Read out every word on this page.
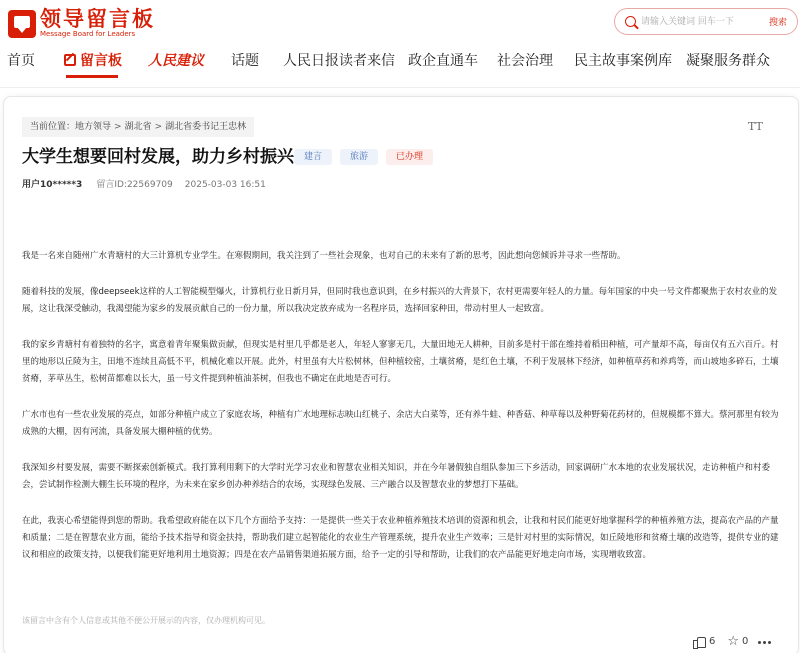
领导留言板
Message Board for Leaders
请输入关键词 回车一下
搜索
首页	留言板 人民建议 话题 人民日报读者来信 政企直通车 社会治理 民主故事案例库 凝聚服务群众
当前位置：地方领导 > 湖北省 > 湖北省委书记王忠林	TT
大学生想要回村发展，助力乡村振兴	建言	旅游	已办理
用户10*****3 留言ID:22569709 2025-03-03 16:51

我是一名来自随州广水青塘村的大三计算机专业学生。在寒假期间，我关注到了一些社会现象，也对自己的未来有了新的思考，因此想向您倾诉并寻求一些帮助。

随着科技的发展，像deepseek这样的人工智能模型爆火，计算机行业日新月异，但同时我也意识到，在乡村振兴的大背景下，农村更需要年轻人的力量。每年国家的中央一号文件都聚焦于农村农业的发展，这让我深受触动，我渴望能为家乡的发展贡献自己的一份力量，所以我决定放弃成为一名程序员，选择回家种田，带动村里人一起致富。

我的家乡青塘村有着独特的名字，寓意着青年聚集做贡献，但现实是村里几乎都是老人，年轻人寥寥无几，大量田地无人耕种，目前多是村干部在维持着稻田种植，可产量却不高，每亩仅有五六百斤。村里的地形以丘陵为主，田地不连续且高低不平，机械化难以开展。此外，村里虽有大片松树林，但种植较密，土壤贫瘠，是红色土壤，不利于发展林下经济，如种植草药和养鸡等，而山坡地多碎石，土壤贫瘠，茅草丛生，松树苗都难以长大，虽一号文件提到种植油茶树，但我也不确定在此地是否可行。

广水市也有一些农业发展的亮点，如部分种植户成立了家庭农场，种植有广水地理标志映山红桃子、余店大白菜等，还有养牛蛙、种香菇、种草莓以及种野菊花药材的，但规模都不算大。蔡河那里有较为成熟的大棚，因有河流，具备发展大棚种植的优势。

我深知乡村要发展，需要不断探索创新模式。我打算利用剩下的大学时光学习农业和智慧农业相关知识，并在今年暑假独自组队参加三下乡活动，回家调研广水本地的农业发展状况，走访种植户和村委会，尝试制作检测大棚生长环境的程序，为未来在家乡创办种养结合的农场，实现绿色发展、三产融合以及智慧农业的梦想打下基础。

在此，我衷心希望能得到您的帮助。我希望政府能在以下几个方面给予支持：一是提供一些关于农业种植养殖技术培训的资源和机会，让我和村民们能更好地掌握科学的种植养殖方法，提高农产品的产量和质量；二是在智慧农业方面，能给予技术指导和资金扶持，帮助我们建立起智能化的农业生产管理系统，提升农业生产效率；三是针对村里的实际情况，如丘陵地形和贫瘠土壤的改造等，提供专业的建议和相应的政策支持，以便我们能更好地利用土地资源；四是在农产品销售渠道拓展方面，给予一定的引导和帮助，让我们的农产品能更好地走向市场，实现增收致富。

该留言中含有个人信息或其他不便公开展示的内容，仅办理机构可见。
6 ☆ 0
